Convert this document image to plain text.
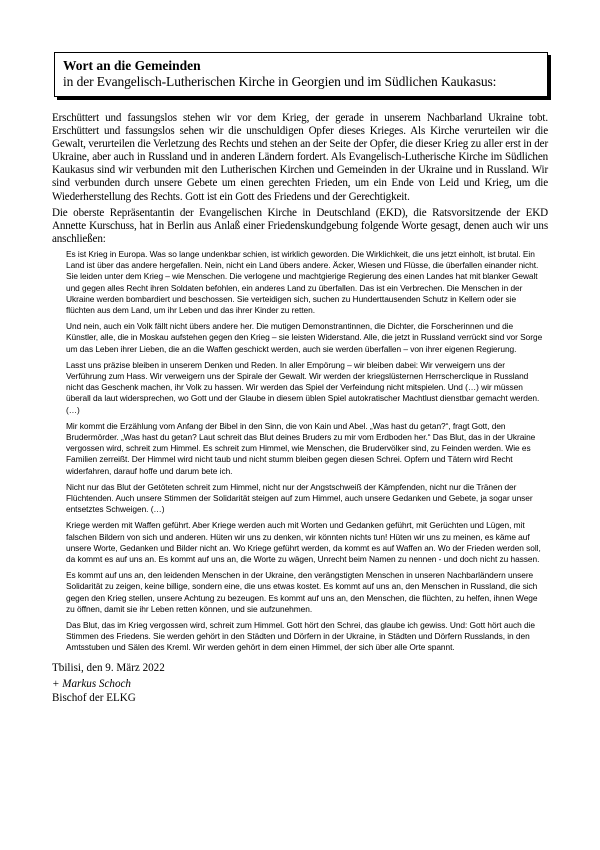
Wort an die Gemeinden
in der Evangelisch-Lutherischen Kirche in Georgien und im Südlichen Kaukasus:

Erschüttert und fassungslos stehen wir vor dem Krieg, der gerade in unserem Nachbarland Ukraine tobt. Erschüttert und fassungslos sehen wir die unschuldigen Opfer dieses Krieges. Als Kirche verurteilen wir die Gewalt, verurteilen die Verletzung des Rechts und stehen an der Seite der Opfer, die dieser Krieg zu aller erst in der Ukraine, aber auch in Russland und in anderen Ländern fordert. Als Evangelisch-Lutherische Kirche im Südlichen Kaukasus sind wir verbunden mit den Lutherischen Kirchen und Gemeinden in der Ukraine und in Russland. Wir sind verbunden durch unsere Gebete um einen gerechten Frieden, um ein Ende von Leid und Krieg, um die Wiederherstellung des Rechts. Gott ist ein Gott des Friedens und der Gerechtigkeit.

Die oberste Repräsentantin der Evangelischen Kirche in Deutschland (EKD), die Ratsvorsitzende der EKD Annette Kurschuss, hat in Berlin aus Anlaß einer Friedenskundgebung folgende Worte gesagt, denen auch wir uns anschließen:

Es ist Krieg in Europa. Was so lange undenkbar schien, ist wirklich geworden. Die Wirklichkeit, die uns jetzt einholt, ist brutal. Ein Land ist über das andere hergefallen. Nein, nicht ein Land übers andere. Äcker, Wiesen und Flüsse, die überfallen einander nicht. Sie leiden unter dem Krieg – wie Menschen. Die verlogene und machtgierige Regierung des einen Landes hat mit blanker Gewalt und gegen alles Recht ihren Soldaten befohlen, ein anderes Land zu überfallen. Das ist ein Verbrechen. Die Menschen in der Ukraine werden bombardiert und beschossen. Sie verteidigen sich, suchen zu Hunderttausenden Schutz in Kellern oder sie flüchten aus dem Land, um ihr Leben und das ihrer Kinder zu retten.

Und nein, auch ein Volk fällt nicht übers andere her. Die mutigen Demonstrantinnen, die Dichter, die Forscherinnen und die Künstler, alle, die in Moskau aufstehen gegen den Krieg – sie leisten Widerstand. Alle, die jetzt in Russland verrückt sind vor Sorge um das Leben ihrer Lieben, die an die Waffen geschickt werden, auch sie werden überfallen – von ihrer eigenen Regierung.

Lasst uns präzise bleiben in unserem Denken und Reden. In aller Empörung – wir bleiben dabei: Wir verweigern uns der Verführung zum Hass. Wir verweigern uns der Spirale der Gewalt. Wir werden der kriegslüsternen Herrscherclique in Russland nicht das Geschenk machen, ihr Volk zu hassen. Wir werden das Spiel der Verfeindung nicht mitspielen. Und (…) wir müssen überall da laut widersprechen, wo Gott und der Glaube in diesem üblen Spiel autokratischer Machtlust dienstbar gemacht werden. (…)

Mir kommt die Erzählung vom Anfang der Bibel in den Sinn, die von Kain und Abel. „Was hast du getan?“, fragt Gott, den Brudermörder. „Was hast du getan? Laut schreit das Blut deines Bruders zu mir vom Erdboden her.“ Das Blut, das in der Ukraine vergossen wird, schreit zum Himmel. Es schreit zum Himmel, wie Menschen, die Brudervölker sind, zu Feinden werden. Wie es Familien zerreißt. Der Himmel wird nicht taub und nicht stumm bleiben gegen diesen Schrei. Opfern und Tätern wird Recht widerfahren, darauf hoffe und darum bete ich.

Nicht nur das Blut der Getöteten schreit zum Himmel, nicht nur der Angstschweiß der Kämpfenden, nicht nur die Tränen der Flüchtenden. Auch unsere Stimmen der Solidarität steigen auf zum Himmel, auch unsere Gedanken und Gebete, ja sogar unser entsetztes Schweigen. (…)

Kriege werden mit Waffen geführt. Aber Kriege werden auch mit Worten und Gedanken geführt, mit Gerüchten und Lügen, mit falschen Bildern von sich und anderen. Hüten wir uns zu denken, wir könnten nichts tun! Hüten wir uns zu meinen, es käme auf unsere Worte, Gedanken und Bilder nicht an. Wo Kriege geführt werden, da kommt es auf Waffen an. Wo der Frieden werden soll, da kommt es auf uns an. Es kommt auf uns an, die Worte zu wägen, Unrecht beim Namen zu nennen - und doch nicht zu hassen.

Es kommt auf uns an, den leidenden Menschen in der Ukraine, den verängstigten Menschen in unseren Nachbarländern unsere Solidarität zu zeigen, keine billige, sondern eine, die uns etwas kostet. Es kommt auf uns an, den Menschen in Russland, die sich gegen den Krieg stellen, unsere Achtung zu bezeugen. Es kommt auf uns an, den Menschen, die flüchten, zu helfen, ihnen Wege zu öffnen, damit sie ihr Leben retten können, und sie aufzunehmen.

Das Blut, das im Krieg vergossen wird, schreit zum Himmel. Gott hört den Schrei, das glaube ich gewiss. Und: Gott hört auch die Stimmen des Friedens. Sie werden gehört in den Städten und Dörfern in der Ukraine, in Städten und Dörfern Russlands, in den Amtsstuben und Sälen des Kreml. Wir werden gehört in dem einen Himmel, der sich über alle Orte spannt.

Tbilisi, den 9. März 2022
+ Markus Schoch
Bischof der ELKG
